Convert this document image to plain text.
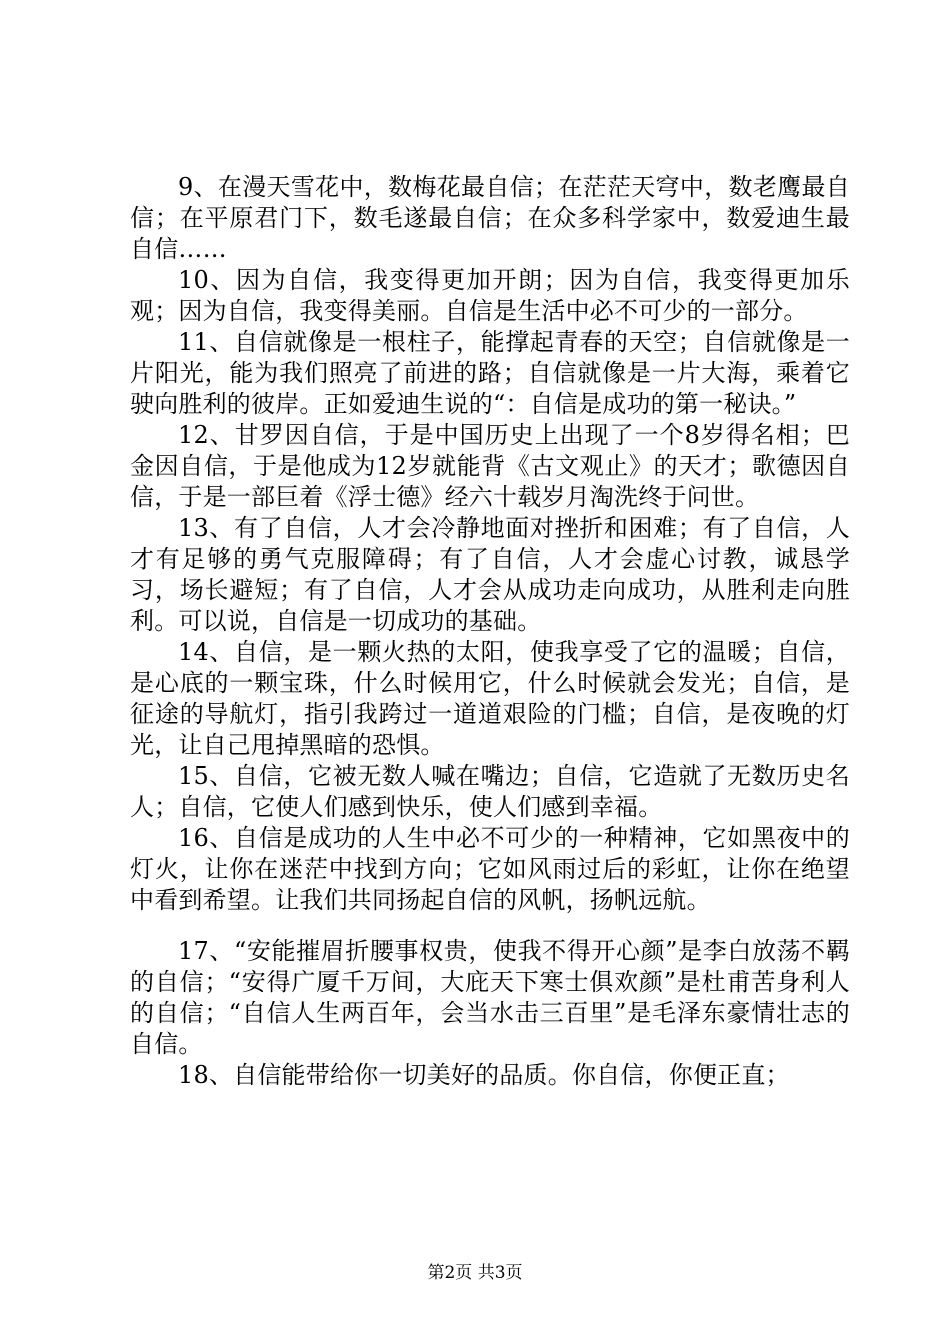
9、在漫天雪花中，数梅花最自信；在茫茫天穹中，数老鹰最自信；在平原君门下，数毛遂最自信；在众多科学家中，数爱迪生最自信……

10、因为自信，我变得更加开朗；因为自信，我变得更加乐观；因为自信，我变得美丽。自信是生活中必不可少的一部分。

11、自信就像是一根柱子，能撑起青春的天空；自信就像是一片阳光，能为我们照亮了前进的路；自信就像是一片大海，乘着它驶向胜利的彼岸。正如爱迪生说的“：自信是成功的第一秘诀。”

12、甘罗因自信，于是中国历史上出现了一个8岁得名相；巴金因自信，于是他成为12岁就能背《古文观止》的天才；歌德因自信，于是一部巨着《浮士德》经六十载岁月淘洗终于问世。

13、有了自信，人才会冷静地面对挫折和困难；有了自信，人才有足够的勇气克服障碍；有了自信，人才会虚心讨教，诚恳学习，场长避短；有了自信，人才会从成功走向成功，从胜利走向胜利。可以说，自信是一切成功的基础。

14、自信，是一颗火热的太阳，使我享受了它的温暖；自信，是心底的一颗宝珠，什么时候用它，什么时候就会发光；自信，是征途的导航灯，指引我跨过一道道艰险的门槛；自信，是夜晚的灯光，让自己甩掉黑暗的恐惧。

15、自信，它被无数人喊在嘴边；自信，它造就了无数历史名人；自信，它使人们感到快乐，使人们感到幸福。

16、自信是成功的人生中必不可少的一种精神，它如黑夜中的灯火，让你在迷茫中找到方向；它如风雨过后的彩虹，让你在绝望中看到希望。让我们共同扬起自信的风帆，扬帆远航。

17、“安能摧眉折腰事权贵，使我不得开心颜”是李白放荡不羁的自信；“安得广厦千万间，大庇天下寒士俱欢颜”是杜甫苦身利人的自信；“自信人生两百年，会当水击三百里”是毛泽东豪情壮志的自信。

18、自信能带给你一切美好的品质。你自信，你便正直；

第2页 共3页
